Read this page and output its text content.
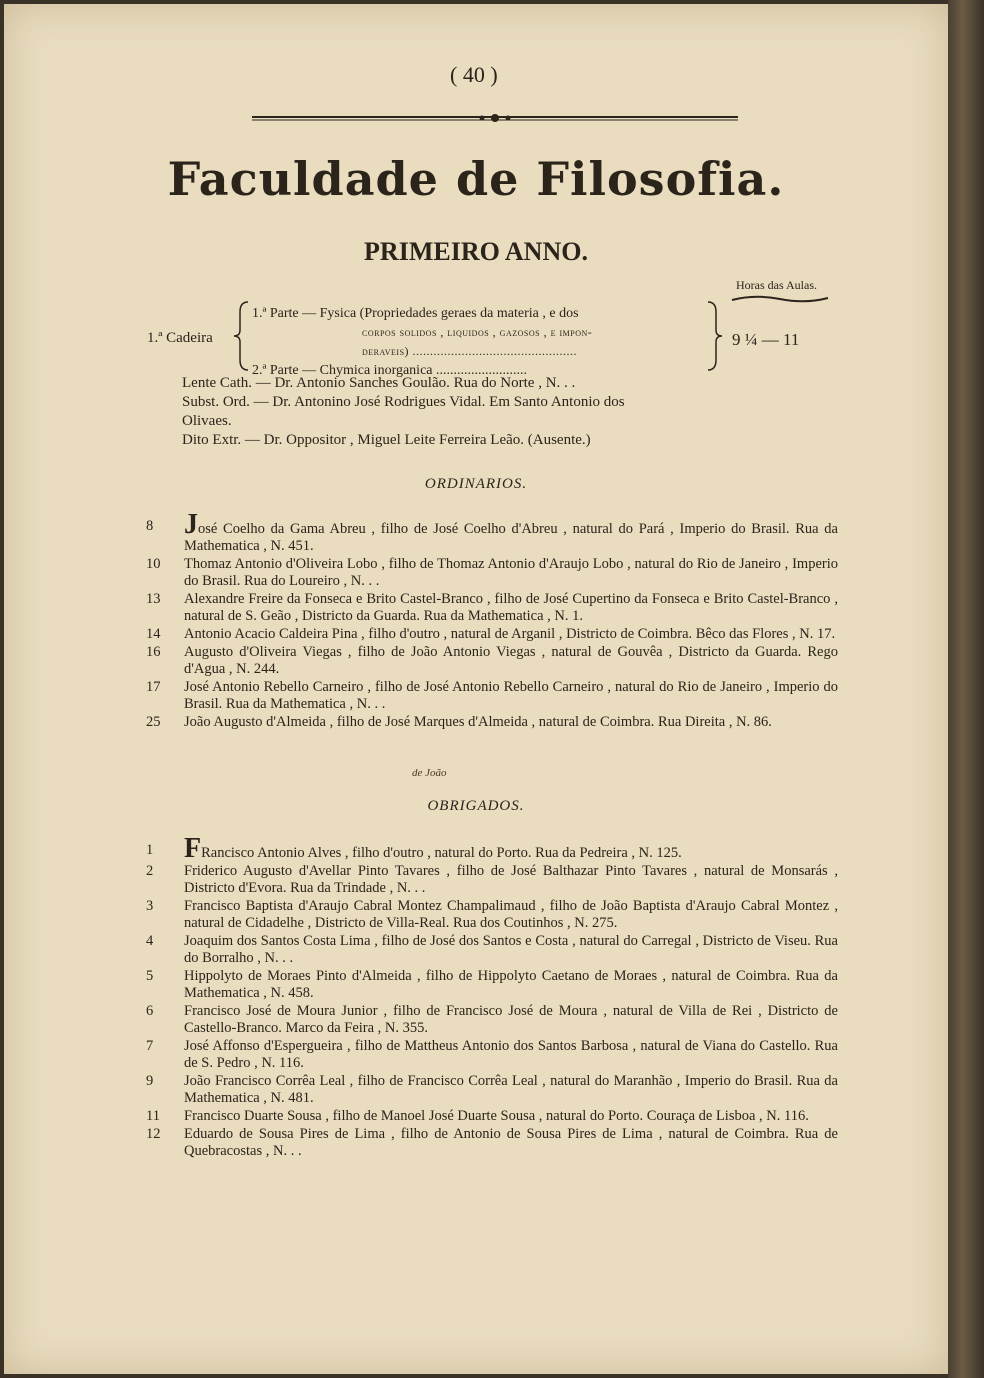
( 40 )
Faculdade de Filosofia.
PRIMEIRO ANNO.
Horas das Aulas.
1.ª Cadeira
1.ª Parte — Fysica (Propriedades geraes da materia , e dos
corpos solidos , liquidos , gazosos , e impon-
deraveis) ...............................................
2.ª Parte — Chymica inorganica ..........................
9 ¼ — 11
Lente Cath. — Dr. Antonio Sanches Goulão. Rua do Norte , N. . .
Subst. Ord. — Dr. Antonino José Rodrigues Vidal. Em Santo Antonio dos
Olivaes.
Dito Extr. — Dr. Oppositor , Miguel Leite Ferreira Leão. (Ausente.)
ORDINARIOS.
8	José Coelho da Gama Abreu , filho de José Coelho d'Abreu , natural do Pará , Imperio do Brasil. Rua da Mathematica , N. 451.
10	Thomaz Antonio d'Oliveira Lobo , filho de Thomaz Antonio d'Araujo Lobo , natural do Rio de Janeiro , Imperio do Brasil. Rua do Loureiro , N. . .
13	Alexandre Freire da Fonseca e Brito Castel-Branco , filho de José Cupertino da Fonseca e Brito Castel-Branco , natural de S. Geão , Districto da Guarda. Rua da Mathematica , N. 1.
14	Antonio Acacio Caldeira Pina , filho d'outro , natural de Arganil , Districto de Coimbra. Bêco das Flores , N. 17.
16	Augusto d'Oliveira Viegas , filho de João Antonio Viegas , natural de Gouvêa , Districto da Guarda. Rego d'Agua , N. 244.
17	José Antonio Rebello Carneiro , filho de José Antonio Rebello Carneiro , natural do Rio de Janeiro , Imperio do Brasil. Rua da Mathematica , N. . .
25	João Augusto d'Almeida , filho de José Marques d'Almeida , natural de Coimbra. Rua Direita , N. 86.
de João
OBRIGADOS.
1	FRancisco Antonio Alves , filho d'outro , natural do Porto. Rua da Pedreira , N. 125.
2	Friderico Augusto d'Avellar Pinto Tavares , filho de José Balthazar Pinto Tavares , natural de Monsarás , Districto d'Evora. Rua da Trindade , N. . .
3	Francisco Baptista d'Araujo Cabral Montez Champalimaud , filho de João Baptista d'Araujo Cabral Montez , natural de Cidadelhe , Districto de Villa-Real. Rua dos Coutinhos , N. 275.
4	Joaquim dos Santos Costa Lima , filho de José dos Santos e Costa , natural do Carregal , Districto de Viseu. Rua do Borralho , N. . .
5	Hippolyto de Moraes Pinto d'Almeida , filho de Hippolyto Caetano de Moraes , natural de Coimbra. Rua da Mathematica , N. 458.
6	Francisco José de Moura Junior , filho de Francisco José de Moura , natural de Villa de Rei , Districto de Castello-Branco. Marco da Feira , N. 355.
7	José Affonso d'Espergueira , filho de Mattheus Antonio dos Santos Barbosa , natural de Viana do Castello. Rua de S. Pedro , N. 116.
9	João Francisco Corrêa Leal , filho de Francisco Corrêa Leal , natural do Maranhão , Imperio do Brasil. Rua da Mathematica , N. 481.
11	Francisco Duarte Sousa , filho de Manoel José Duarte Sousa , natural do Porto. Couraça de Lisboa , N. 116.
12	Eduardo de Sousa Pires de Lima , filho de Antonio de Sousa Pires de Lima , natural de Coimbra. Rua de Quebracostas , N. . .
